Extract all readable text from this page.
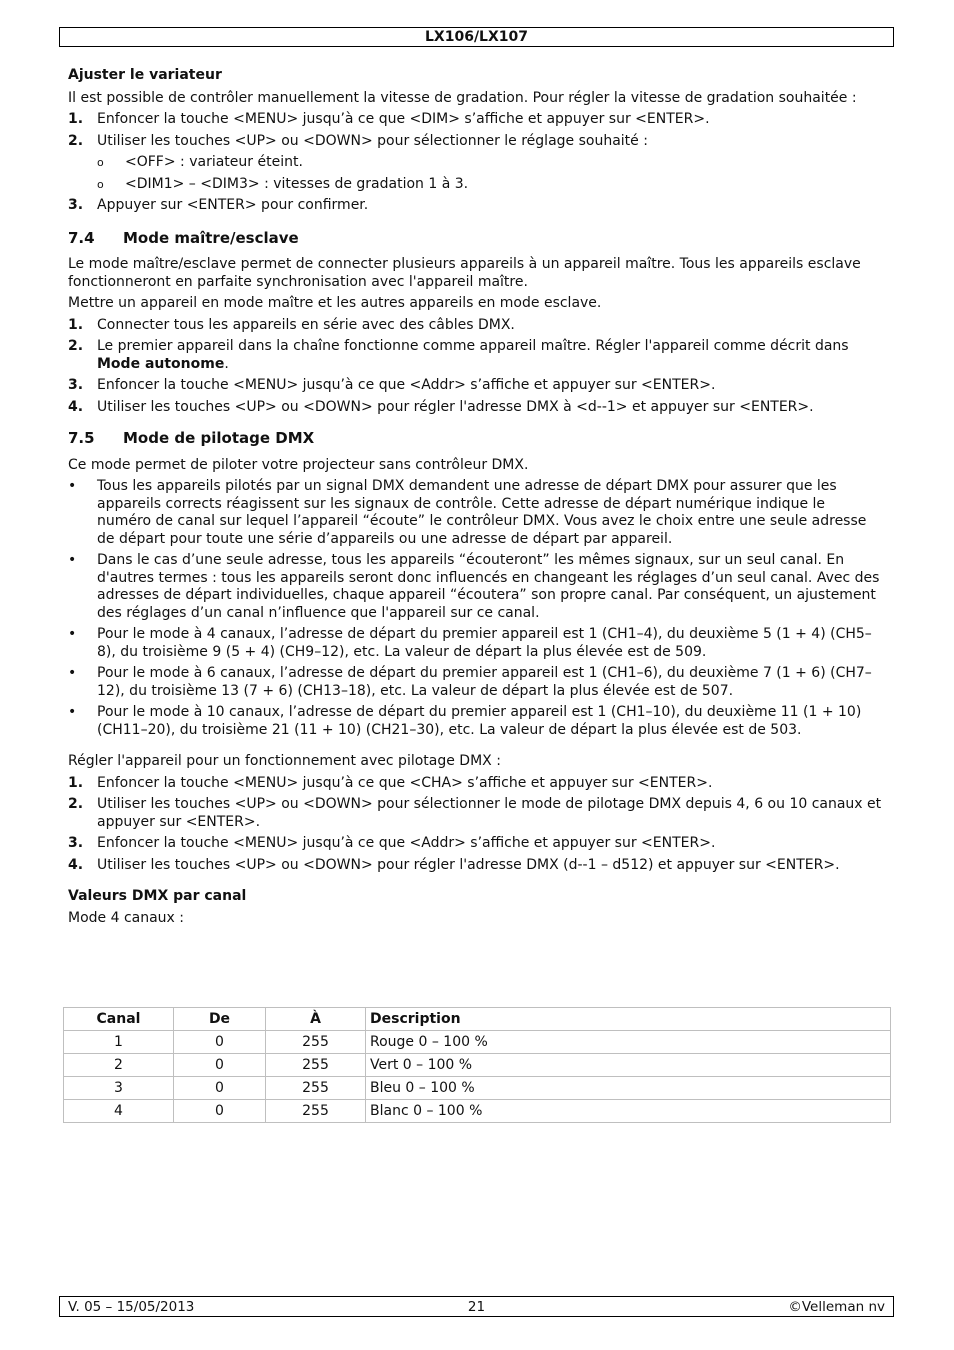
LX106/LX107

Ajuster le variateur

Il est possible de contrôler manuellement la vitesse de gradation. Pour régler la vitesse de gradation souhaitée :

1. Enfoncer la touche <MENU> jusqu’à ce que <DIM> s’affiche et appuyer sur <ENTER>.
2. Utiliser les touches <UP> ou <DOWN> pour sélectionner le réglage souhaité :
o <OFF> : variateur éteint.
o <DIM1> – <DIM3> : vitesses de gradation 1 à 3.
3. Appuyer sur <ENTER> pour confirmer.

7.4 Mode maître/esclave

Le mode maître/esclave permet de connecter plusieurs appareils à un appareil maître. Tous les appareils esclave fonctionneront en parfaite synchronisation avec l'appareil maître.

Mettre un appareil en mode maître et les autres appareils en mode esclave.

1. Connecter tous les appareils en série avec des câbles DMX.
2. Le premier appareil dans la chaîne fonctionne comme appareil maître. Régler l'appareil comme décrit dans Mode autonome.
3. Enfoncer la touche <MENU> jusqu’à ce que <Addr> s’affiche et appuyer sur <ENTER>.
4. Utiliser les touches <UP> ou <DOWN> pour régler l'adresse DMX à <d--1> et appuyer sur <ENTER>.

7.5 Mode de pilotage DMX

Ce mode permet de piloter votre projecteur sans contrôleur DMX.

• Tous les appareils pilotés par un signal DMX demandent une adresse de départ DMX pour assurer que les appareils corrects réagissent sur les signaux de contrôle. Cette adresse de départ numérique indique le numéro de canal sur lequel l’appareil “écoute” le contrôleur DMX. Vous avez le choix entre une seule adresse de départ pour toute une série d’appareils ou une adresse de départ par appareil.
• Dans le cas d’une seule adresse, tous les appareils “écouteront” les mêmes signaux, sur un seul canal. En d'autres termes : tous les appareils seront donc influencés en changeant les réglages d’un seul canal. Avec des adresses de départ individuelles, chaque appareil “écoutera” son propre canal. Par conséquent, un ajustement des réglages d’un canal n’influence que l'appareil sur ce canal.
• Pour le mode à 4 canaux, l’adresse de départ du premier appareil est 1 (CH1–4), du deuxième 5 (1 + 4) (CH5–8), du troisième 9 (5 + 4) (CH9–12), etc. La valeur de départ la plus élevée est de 509.
• Pour le mode à 6 canaux, l’adresse de départ du premier appareil est 1 (CH1–6), du deuxième 7 (1 + 6) (CH7–12), du troisième 13 (7 + 6) (CH13–18), etc. La valeur de départ la plus élevée est de 507.
• Pour le mode à 10 canaux, l’adresse de départ du premier appareil est 1 (CH1–10), du deuxième 11 (1 + 10) (CH11–20), du troisième 21 (11 + 10) (CH21–30), etc. La valeur de départ la plus élevée est de 503.

Régler l'appareil pour un fonctionnement avec pilotage DMX :

1. Enfoncer la touche <MENU> jusqu’à ce que <CHA> s’affiche et appuyer sur <ENTER>.
2. Utiliser les touches <UP> ou <DOWN> pour sélectionner le mode de pilotage DMX depuis 4, 6 ou 10 canaux et appuyer sur <ENTER>.
3. Enfoncer la touche <MENU> jusqu’à ce que <Addr> s’affiche et appuyer sur <ENTER>.
4. Utiliser les touches <UP> ou <DOWN> pour régler l'adresse DMX (d--1 – d512) et appuyer sur <ENTER>.

Valeurs DMX par canal

Mode 4 canaux :

Canal	De	À	Description
1	0	255	Rouge 0 – 100 %
2	0	255	Vert 0 – 100 %
3	0	255	Bleu 0 – 100 %
4	0	255	Blanc 0 – 100 %
V. 05 – 15/05/2013	21	©Velleman nv
